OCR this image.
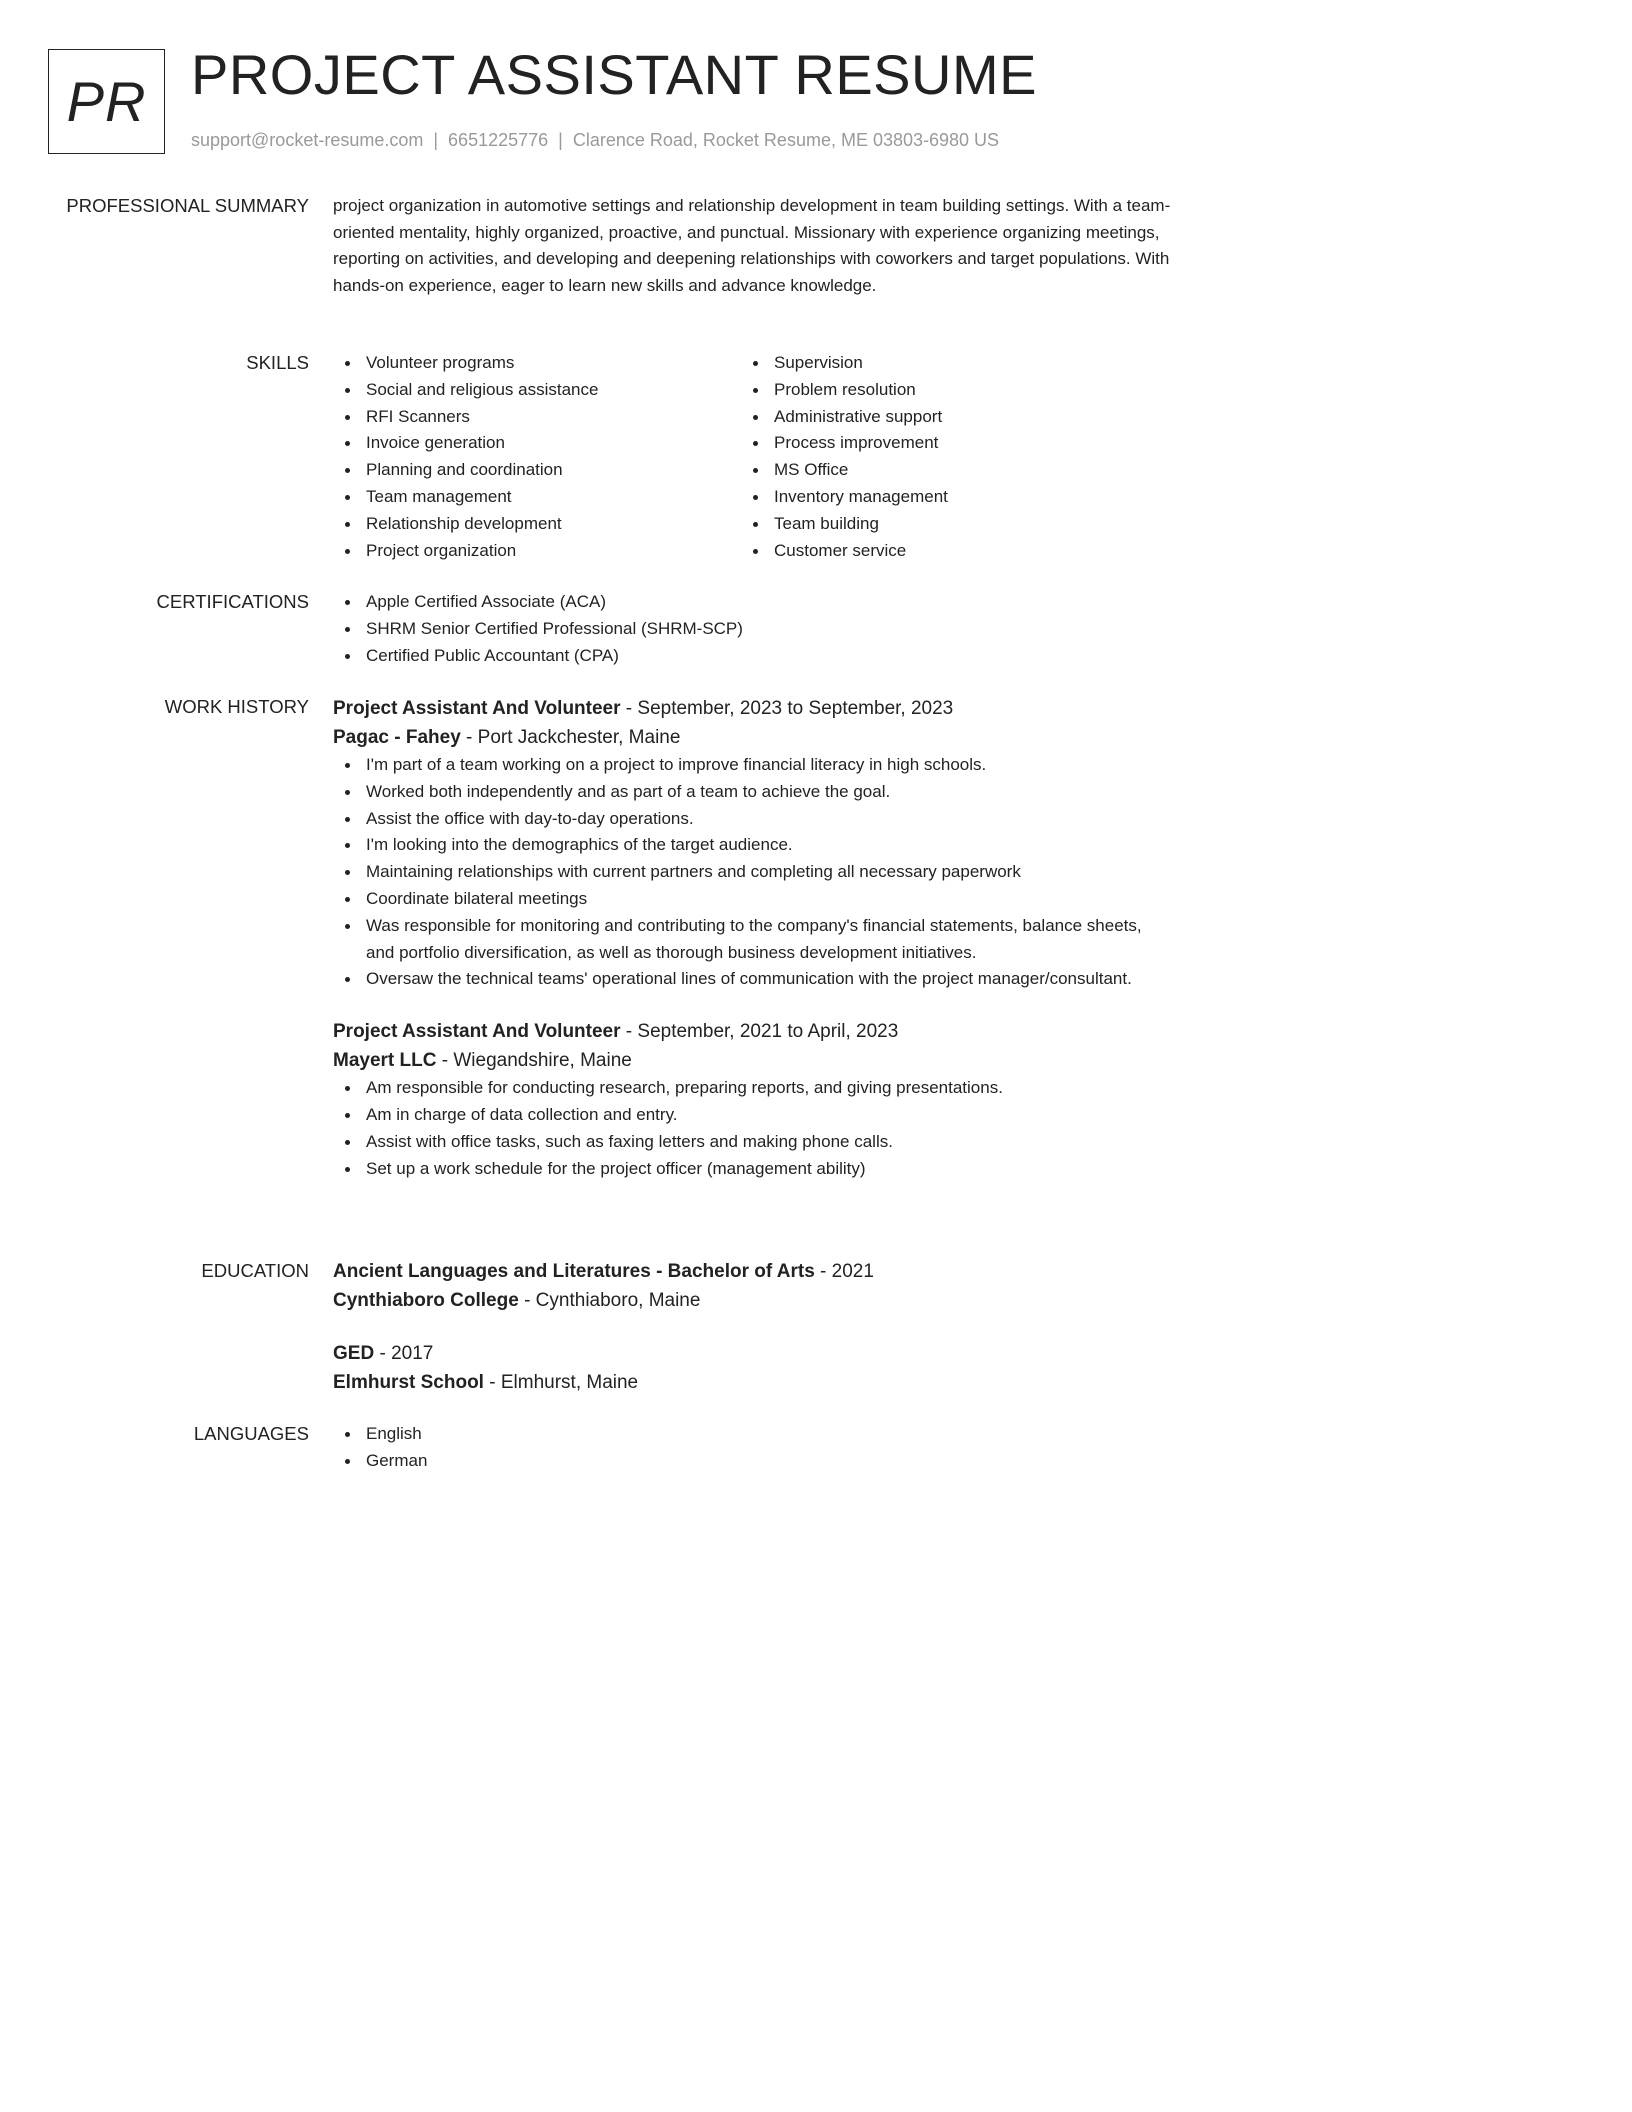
PR PROJECT ASSISTANT RESUME
support@rocket-resume.com | 6651225776 | Clarence Road, Rocket Resume, ME 03803-6980 US
PROFESSIONAL SUMMARY project organization in automotive settings and relationship development in team building settings. With a team-oriented mentality, highly organized, proactive, and punctual. Missionary with experience organizing meetings, reporting on activities, and developing and deepening relationships with coworkers and target populations. With hands-on experience, eager to learn new skills and advance knowledge.

SKILLS	Volunteer programs
Social and religious assistance
RFI Scanners
Invoice generation
Planning and coordination
Team management
Relationship development
Project organization
Supervision
Problem resolution
Administrative support
Process improvement
MS Office
Inventory management
Team building
Customer service
CERTIFICATIONS	Apple Certified Associate (ACA)
SHRM Senior Certified Professional (SHRM-SCP)
Certified Public Accountant (CPA)
WORK HISTORY Project Assistant And Volunteer - September, 2023 to September, 2023
Pagac - Fahey - Port Jackchester, Maine
I'm part of a team working on a project to improve financial literacy in high schools.
Worked both independently and as part of a team to achieve the goal.
Assist the office with day-to-day operations.
I'm looking into the demographics of the target audience.
Maintaining relationships with current partners and completing all necessary paperwork
Coordinate bilateral meetings
Was responsible for monitoring and contributing to the company's financial statements, balance sheets, and portfolio diversification, as well as thorough business development initiatives.
Oversaw the technical teams' operational lines of communication with the project manager/consultant.
Project Assistant And Volunteer - September, 2021 to April, 2023
Mayert LLC - Wiegandshire, Maine
Am responsible for conducting research, preparing reports, and giving presentations.
Am in charge of data collection and entry.
Assist with office tasks, such as faxing letters and making phone calls.
Set up a work schedule for the project officer (management ability)
EDUCATION Ancient Languages and Literatures - Bachelor of Arts - 2021
Cynthiaboro College - Cynthiaboro, Maine
GED - 2017
Elmhurst School - Elmhurst, Maine
LANGUAGES	English
German
